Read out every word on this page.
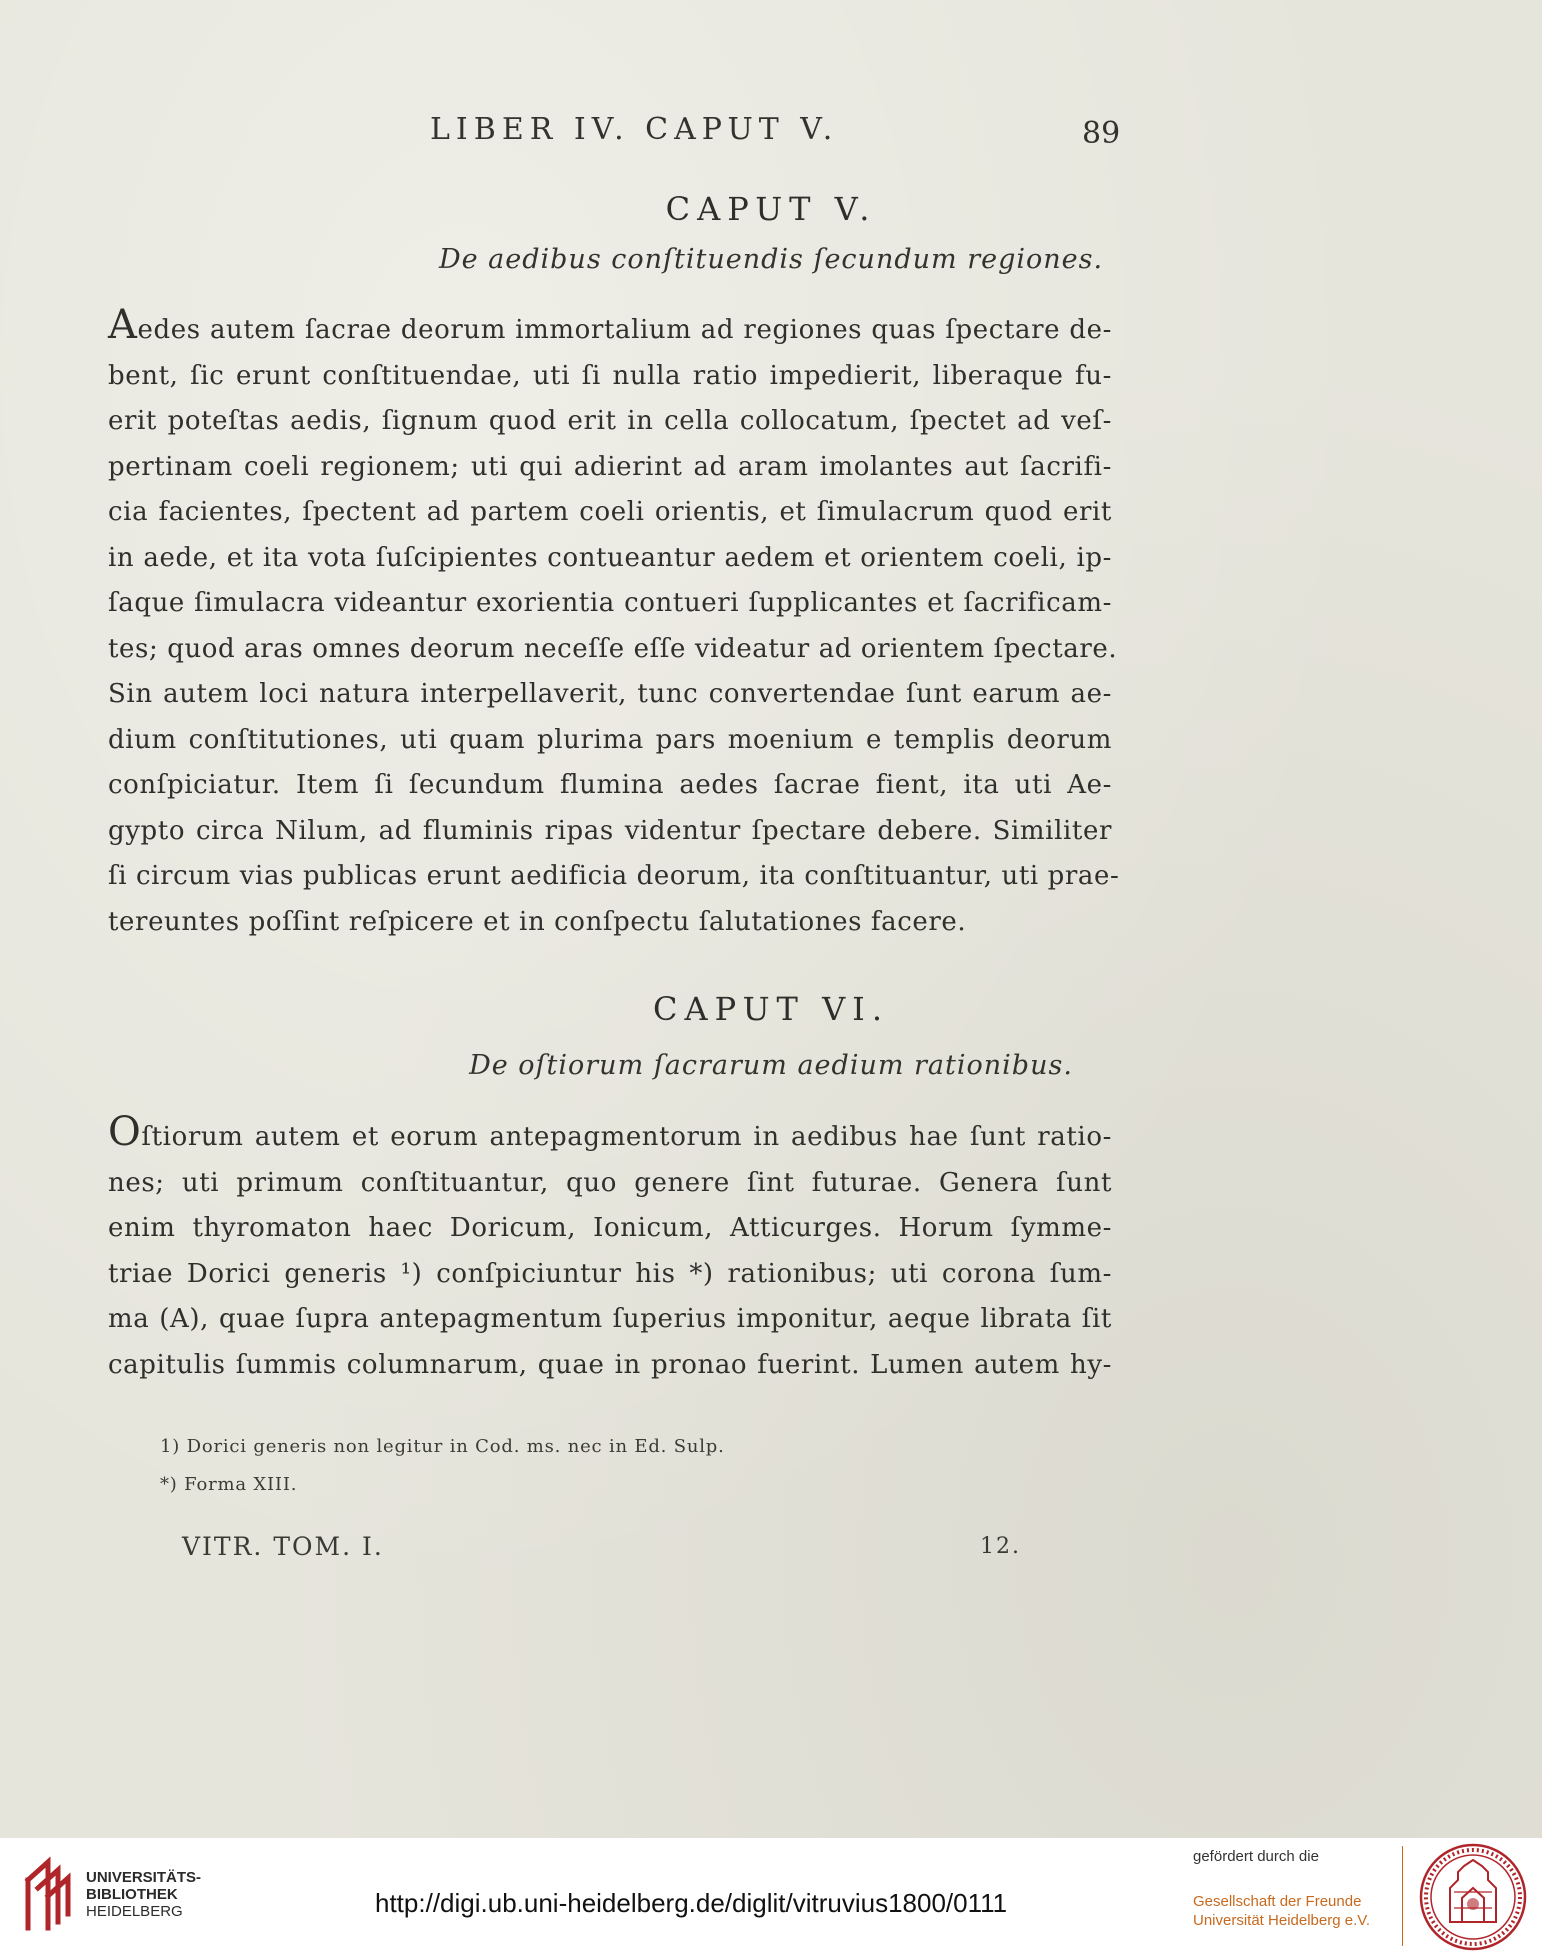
LIBER IV. CAPUT V.	89
CAPUT V.

De aedibus conſtituendis ſecundum regiones.

Aedes autem ſacrae deorum immortalium ad regiones quas ſpectare de-
bent, ſic erunt conſtituendae, uti ſi nulla ratio impedierit, liberaque fu-
erit poteſtas aedis, ſignum quod erit in cella collocatum, ſpectet ad veſ-
pertinam coeli regionem; uti qui adierint ad aram imolantes aut ſacrifi-
cia facientes, ſpectent ad partem coeli orientis, et ſimulacrum quod erit
in aede, et ita vota ſuſcipientes contueantur aedem et orientem coeli, ip-
ſaque ſimulacra videantur exorientia contueri ſupplicantes et ſacrificam-
tes; quod aras omnes deorum neceſſe eſſe videatur ad orientem ſpectare.
Sin autem loci natura interpellaverit, tunc convertendae ſunt earum ae-
dium conſtitutiones, uti quam plurima pars moenium e templis deorum
conſpiciatur. Item ſi ſecundum flumina aedes ſacrae fient, ita uti Ae-
gypto circa Nilum, ad fluminis ripas videntur ſpectare debere. Similiter
ſi circum vias publicas erunt aedificia deorum, ita conſtituantur, uti prae-
tereuntes poſſint reſpicere et in conſpectu ſalutationes facere.
CAPUT VI.

De oſtiorum ſacrarum aedium rationibus.

Oſtiorum autem et eorum antepagmentorum in aedibus hae ſunt ratio-
nes; uti primum conſtituantur, quo genere ſint futurae. Genera ſunt
enim thyromaton haec Doricum, Ionicum, Atticurges. Horum ſymme-
triae Dorici generis ¹) conſpiciuntur his *) rationibus; uti corona ſum-
ma (A), quae ſupra antepagmentum ſuperius imponitur, aeque librata ſit
capitulis ſummis columnarum, quae in pronao fuerint. Lumen autem hy-
1) Dorici generis non legitur in Cod. ms. nec in Ed. Sulp.
*) Forma XIII.
VITR. TOM. I.	12.
UNIVERSITÄTS-
BIBLIOTHEK
HEIDELBERG	http://digi.ub.uni-heidelberg.de/diglit/vitruvius1800/0111
gefördert durch die
Gesellschaft der Freunde
Universität Heidelberg e.V.
